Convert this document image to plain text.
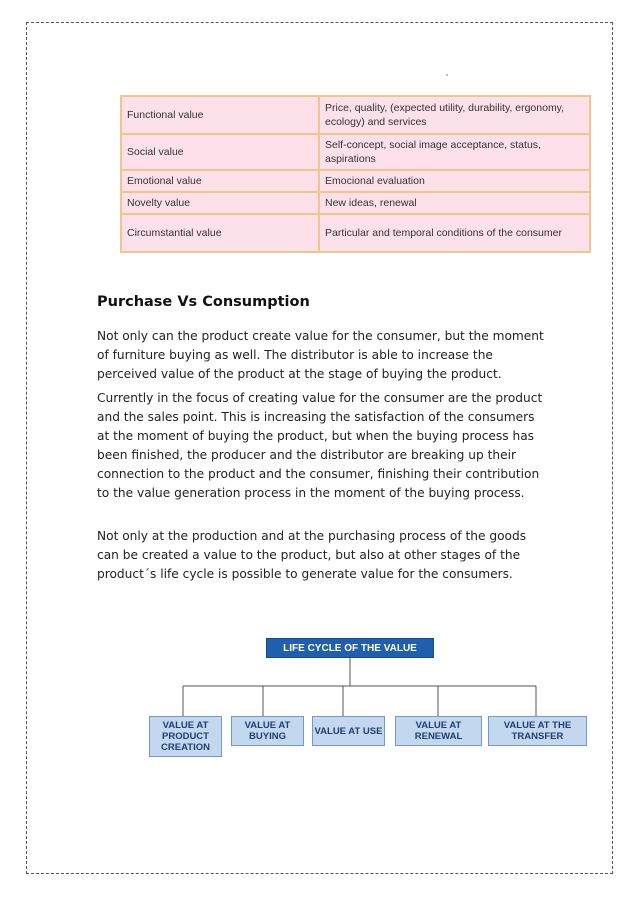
Functional value	Price, quality, (expected utility, durability, ergonomy, ecology) and services
Social value	Self-concept, social image acceptance, status, aspirations
Emotional value	Emocional evaluation
Novelty value	New ideas, renewal
Circumstantial value	Particular and temporal conditions of the consumer
Purchase Vs Consumption

Not only can the product create value for the consumer, but the moment of furniture buying as well. The distributor is able to increase the perceived value of the product at the stage of buying the product.

Currently in the focus of creating value for the consumer are the product and the sales point. This is increasing the satisfaction of the consumers at the moment of buying the product, but when the buying process has been finished, the producer and the distributor are breaking up their connection to the product and the consumer, finishing their contribution to the value generation process in the moment of the buying process.

Not only at the production and at the purchasing process of the goods can be created a value to the product, but also at other stages of the product´s life cycle is possible to generate value for the consumers.

LIFE CYCLE OF THE VALUE
VALUE AT PRODUCT CREATION
VALUE AT BUYING	VALUE AT USE	VALUE AT RENEWAL
VALUE AT THE TRANSFER
